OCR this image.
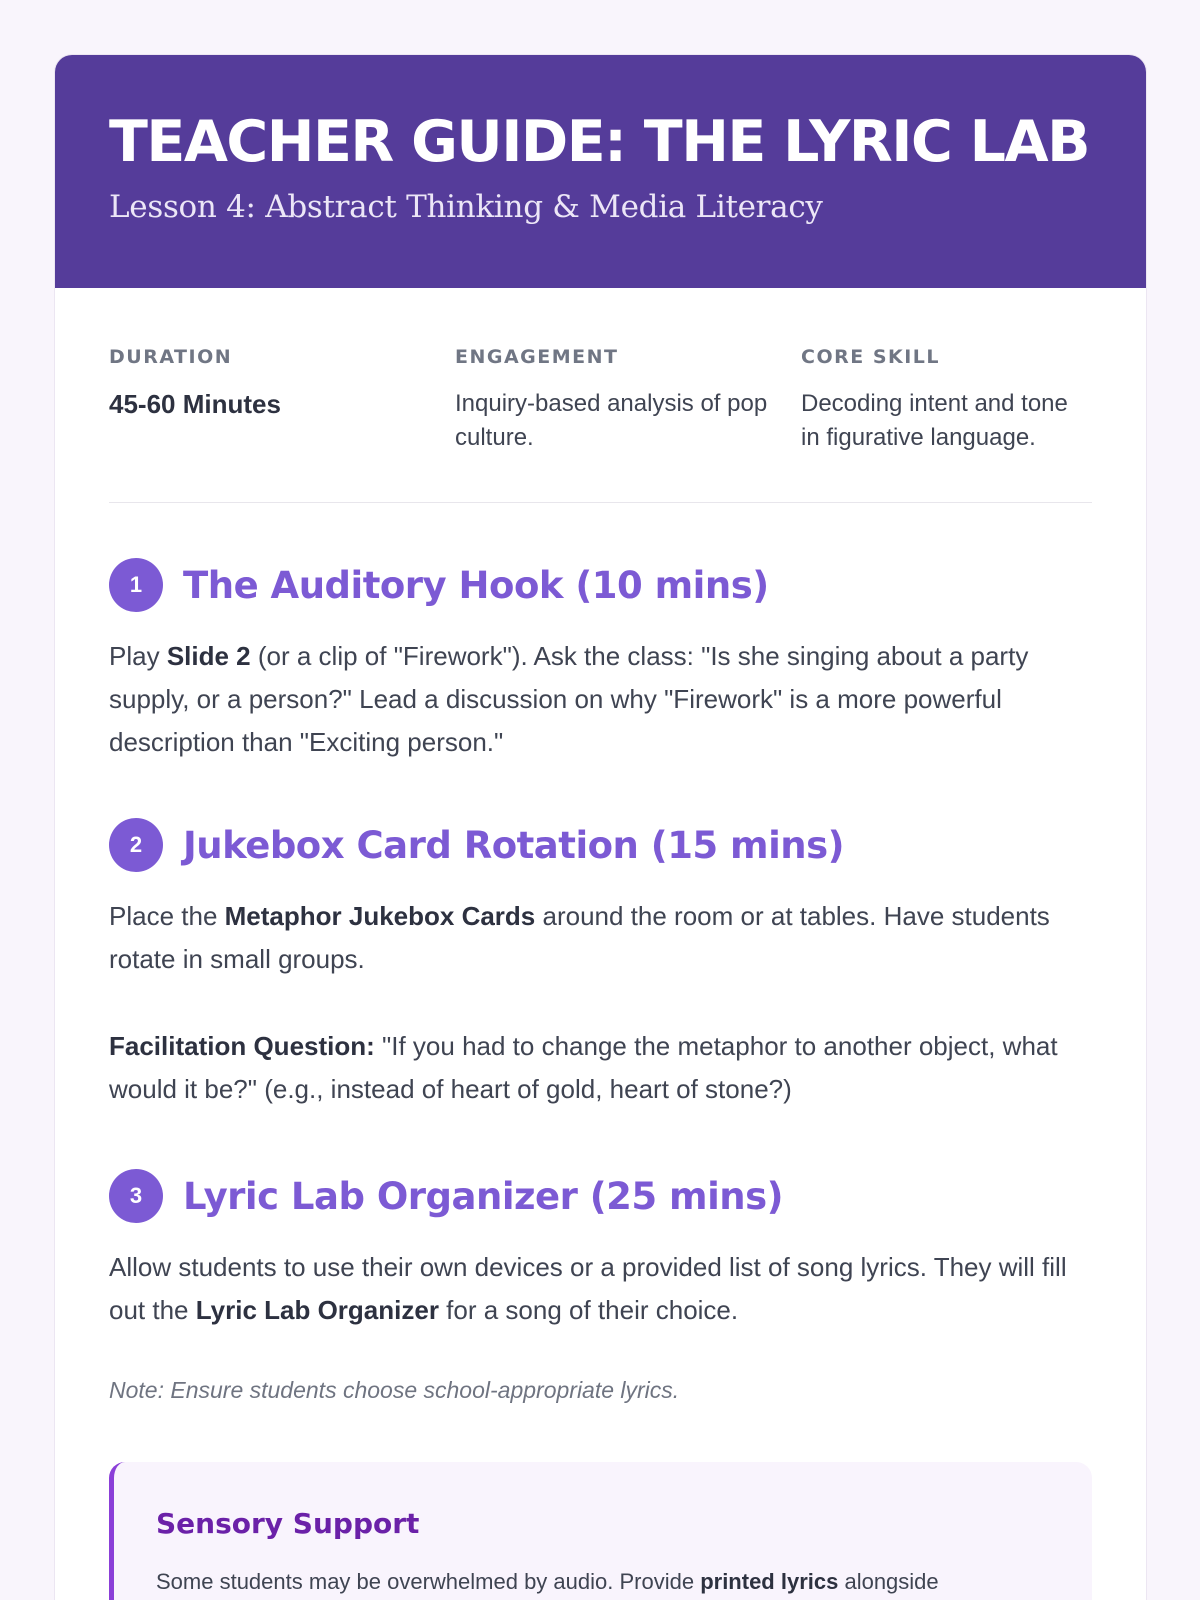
TEACHER GUIDE: THE LYRIC LAB
Lesson 4: Abstract Thinking & Media Literacy
DURATION
45-60 Minutes
ENGAGEMENT
Inquiry-based analysis of pop culture.
CORE SKILL
Decoding intent and tone in figurative language.
1	The Auditory Hook (10 mins)

Play Slide 2 (or a clip of "Firework"). Ask the class: "Is she singing about a party supply, or a person?" Lead a discussion on why "Firework" is a more powerful description than "Exciting person."

2	Jukebox Card Rotation (15 mins)

Place the Metaphor Jukebox Cards around the room or at tables. Have students rotate in small groups.

Facilitation Question: "If you had to change the metaphor to another object, what would it be?" (e.g., instead of heart of gold, heart of stone?)

3	Lyric Lab Organizer (25 mins)

Allow students to use their own devices or a provided list of song lyrics. They will fill out the Lyric Lab Organizer for a song of their choice.

Note: Ensure students choose school-appropriate lyrics.

Sensory Support

Some students may be overwhelmed by audio. Provide printed lyrics alongside
